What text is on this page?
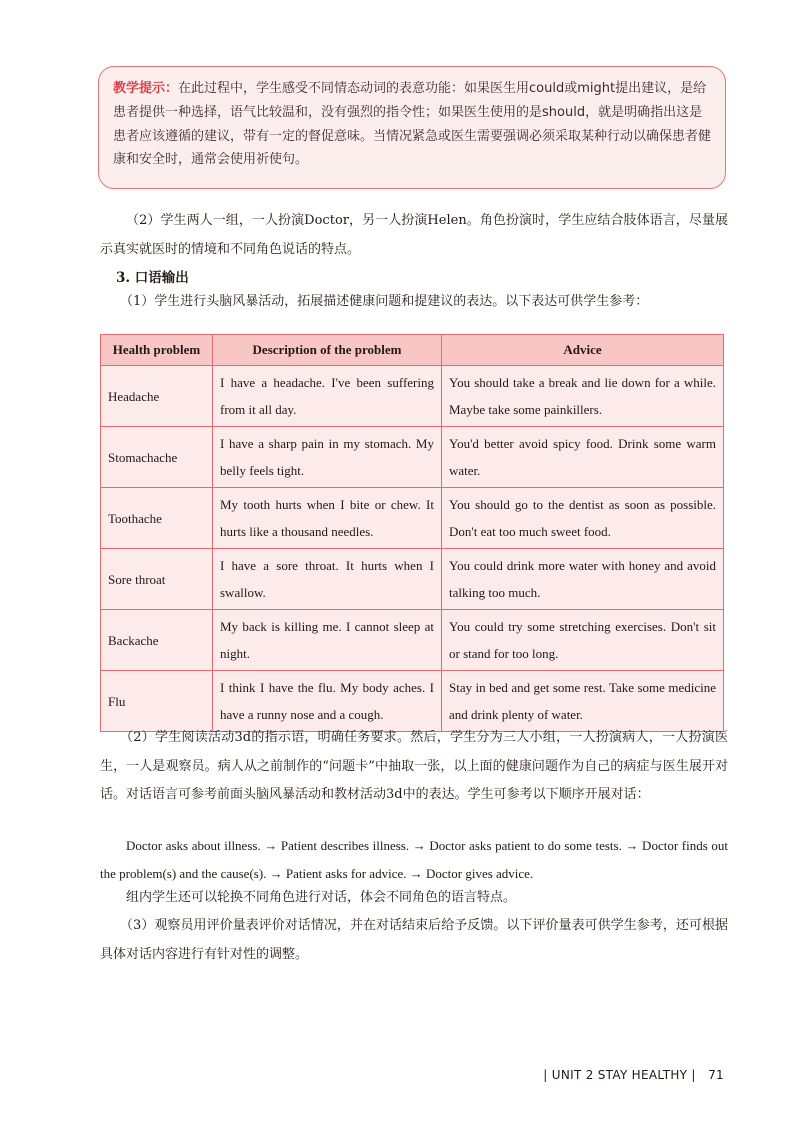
教学提示：在此过程中，学生感受不同情态动词的表意功能：如果医生用could或might提出建议，是给患者提供一种选择，语气比较温和，没有强烈的指令性；如果医生使用的是should，就是明确指出这是患者应该遵循的建议，带有一定的督促意味。当情况紧急或医生需要强调必须采取某种行动以确保患者健康和安全时，通常会使用祈使句。
（2）学生两人一组，一人扮演Doctor，另一人扮演Helen。角色扮演时，学生应结合肢体语言，尽量展示真实就医时的情境和不同角色说话的特点。
3. 口语输出
（1）学生进行头脑风暴活动，拓展描述健康问题和提建议的表达。以下表达可供学生参考：
Health problem	Description of the problem	Advice
Headache	I have a headache. I've been suffering from it all day.	You should take a break and lie down for a while. Maybe take some painkillers.
Stomachache	I have a sharp pain in my stomach. My belly feels tight.	You'd better avoid spicy food. Drink some warm water.
Toothache	My tooth hurts when I bite or chew. It hurts like a thousand needles.	You should go to the dentist as soon as possible. Don't eat too much sweet food.
Sore throat	I have a sore throat. It hurts when I swallow.	You could drink more water with honey and avoid talking too much.
Backache	My back is killing me. I cannot sleep at night.	You could try some stretching exercises. Don't sit or stand for too long.
Flu	I think I have the flu. My body aches. I have a runny nose and a cough.	Stay in bed and get some rest. Take some medicine and drink plenty of water.
（2）学生阅读活动3d的指示语，明确任务要求。然后，学生分为三人小组，一人扮演病人，一人扮演医生，一人是观察员。病人从之前制作的“问题卡”中抽取一张，以上面的健康问题作为自己的病症与医生展开对话。对话语言可参考前面头脑风暴活动和教材活动3d中的表达。学生可参考以下顺序开展对话：
Doctor asks about illness. → Patient describes illness. → Doctor asks patient to do some tests. → Doctor finds out the problem(s) and the cause(s). → Patient asks for advice. → Doctor gives advice.
组内学生还可以轮换不同角色进行对话，体会不同角色的语言特点。
（3）观察员用评价量表评价对话情况，并在对话结束后给予反馈。以下评价量表可供学生参考，还可根据具体对话内容进行有针对性的调整。
| UNIT 2 STAY HEALTHY | 71
